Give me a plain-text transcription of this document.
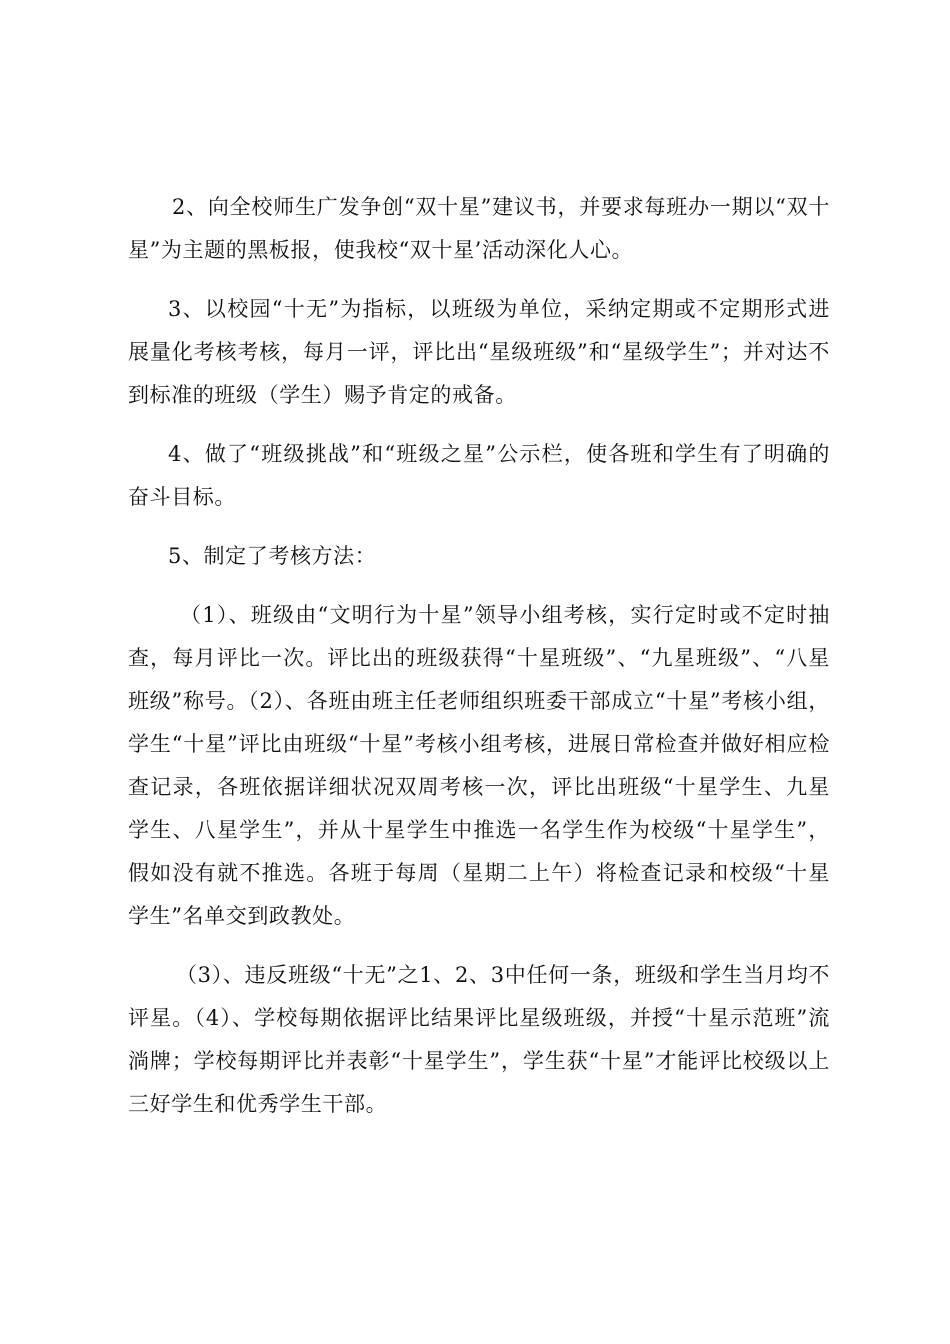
2、向全校师生广发争创“双十星”建议书，并要求每班办一期以“双十星”为主题的黑板报，使我校“双十星’活动深化人心。

3、以校园“十无”为指标，以班级为单位，采纳定期或不定期形式进展量化考核考核，每月一评，评比出“星级班级”和“星级学生”；并对达不到标准的班级（学生）赐予肯定的戒备。

4、做了“班级挑战”和“班级之星”公示栏，使各班和学生有了明确的奋斗目标。

5、制定了考核方法：

（1）、班级由“文明行为十星”领导小组考核，实行定时或不定时抽查，每月评比一次。评比出的班级获得“十星班级”、“九星班级”、“八星班级”称号。（2）、各班由班主任老师组织班委干部成立“十星”考核小组，学生“十星”评比由班级“十星”考核小组考核，进展日常检查并做好相应检查记录，各班依据详细状况双周考核一次，评比出班级“十星学生、九星学生、八星学生”，并从十星学生中推选一名学生作为校级“十星学生”，假如没有就不推选。各班于每周（星期二上午）将检查记录和校级“十星学生”名单交到政教处。

（3）、违反班级“十无”之1、2、3中任何一条，班级和学生当月均不评星。（4）、学校每期依据评比结果评比星级班级，并授“十星示范班”流淌牌；学校每期评比并表彰“十星学生”，学生获“十星”才能评比校级以上三好学生和优秀学生干部。
